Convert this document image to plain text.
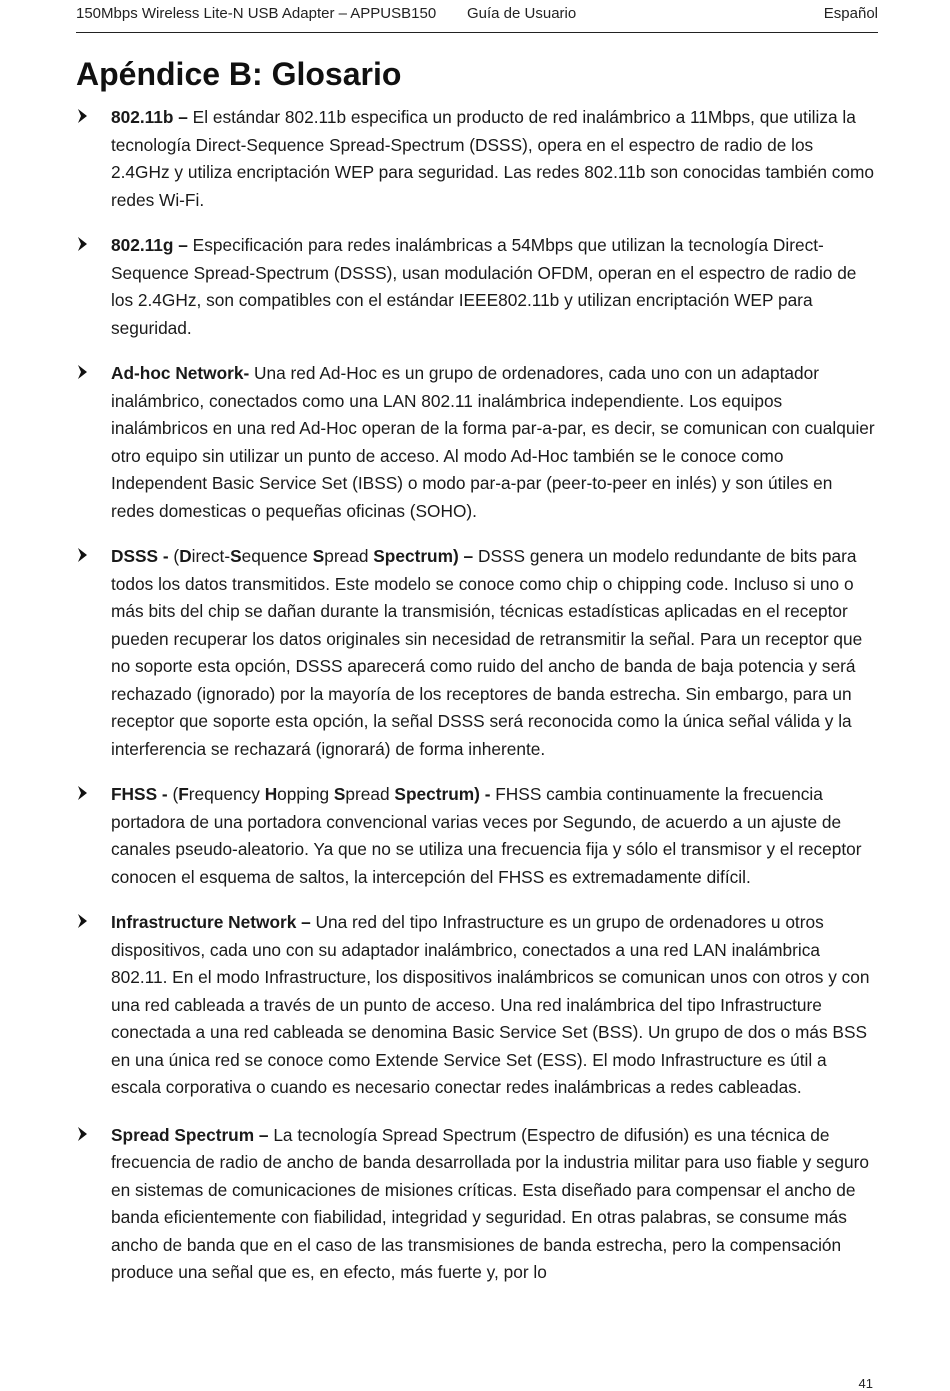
150Mbps Wireless Lite-N USB Adapter – APPUSB150 Guía de Usuario	Español
Apéndice B: Glosario
802.11b – El estándar 802.11b especifica un producto de red inalámbrico a 11Mbps, que utiliza la tecnología Direct-Sequence Spread-Spectrum (DSSS), opera en el espectro de radio de los 2.4GHz y utiliza encriptación WEP para seguridad. Las redes 802.11b son conocidas también como redes Wi-Fi.
802.11g – Especificación para redes inalámbricas a 54Mbps que utilizan la tecnología Direct-Sequence Spread-Spectrum (DSSS), usan modulación OFDM, operan en el espectro de radio de los 2.4GHz, son compatibles con el estándar IEEE802.11b y utilizan encriptación WEP para seguridad.
Ad-hoc Network- Una red Ad-Hoc es un grupo de ordenadores, cada uno con un adaptador inalámbrico, conectados como una LAN 802.11 inalámbrica independiente. Los equipos inalámbricos en una red Ad-Hoc operan de la forma par-a-par, es decir, se comunican con cualquier otro equipo sin utilizar un punto de acceso. Al modo Ad-Hoc también se le conoce como Independent Basic Service Set (IBSS) o modo par-a-par (peer-to-peer en inlés) y son útiles en redes domesticas o pequeñas oficinas (SOHO).
DSSS - (Direct-Sequence Spread Spectrum) – DSSS genera un modelo redundante de bits para todos los datos transmitidos. Este modelo se conoce como chip o chipping code. Incluso si uno o más bits del chip se dañan durante la transmisión, técnicas estadísticas aplicadas en el receptor pueden recuperar los datos originales sin necesidad de retransmitir la señal. Para un receptor que no soporte esta opción, DSSS aparecerá como ruido del ancho de banda de baja potencia y será rechazado (ignorado) por la mayoría de los receptores de banda estrecha. Sin embargo, para un receptor que soporte esta opción, la señal DSSS será reconocida como la única señal válida y la interferencia se rechazará (ignorará) de forma inherente.
FHSS - (Frequency Hopping Spread Spectrum) - FHSS cambia continuamente la frecuencia portadora de una portadora convencional varias veces por Segundo, de acuerdo a un ajuste de canales pseudo-aleatorio. Ya que no se utiliza una frecuencia fija y sólo el transmisor y el receptor conocen el esquema de saltos, la intercepción del FHSS es extremadamente difícil.
Infrastructure Network – Una red del tipo Infrastructure es un grupo de ordenadores u otros dispositivos, cada uno con su adaptador inalámbrico, conectados a una red LAN inalámbrica 802.11. En el modo Infrastructure, los dispositivos inalámbricos se comunican unos con otros y con una red cableada a través de un punto de acceso. Una red inalámbrica del tipo Infrastructure conectada a una red cableada se denomina Basic Service Set (BSS). Un grupo de dos o más BSS en una única red se conoce como Extende Service Set (ESS). El modo Infrastructure es útil a escala corporativa o cuando es necesario conectar redes inalámbricas a redes cableadas.
Spread Spectrum – La tecnología Spread Spectrum (Espectro de difusión) es una técnica de frecuencia de radio de ancho de banda desarrollada por la industria militar para uso fiable y seguro en sistemas de comunicaciones de misiones críticas. Esta diseñado para compensar el ancho de banda eficientemente con fiabilidad, integridad y seguridad. En otras palabras, se consume más ancho de banda que en el caso de las transmisiones de banda estrecha, pero la compensación produce una señal que es, en efecto, más fuerte y, por lo
41
